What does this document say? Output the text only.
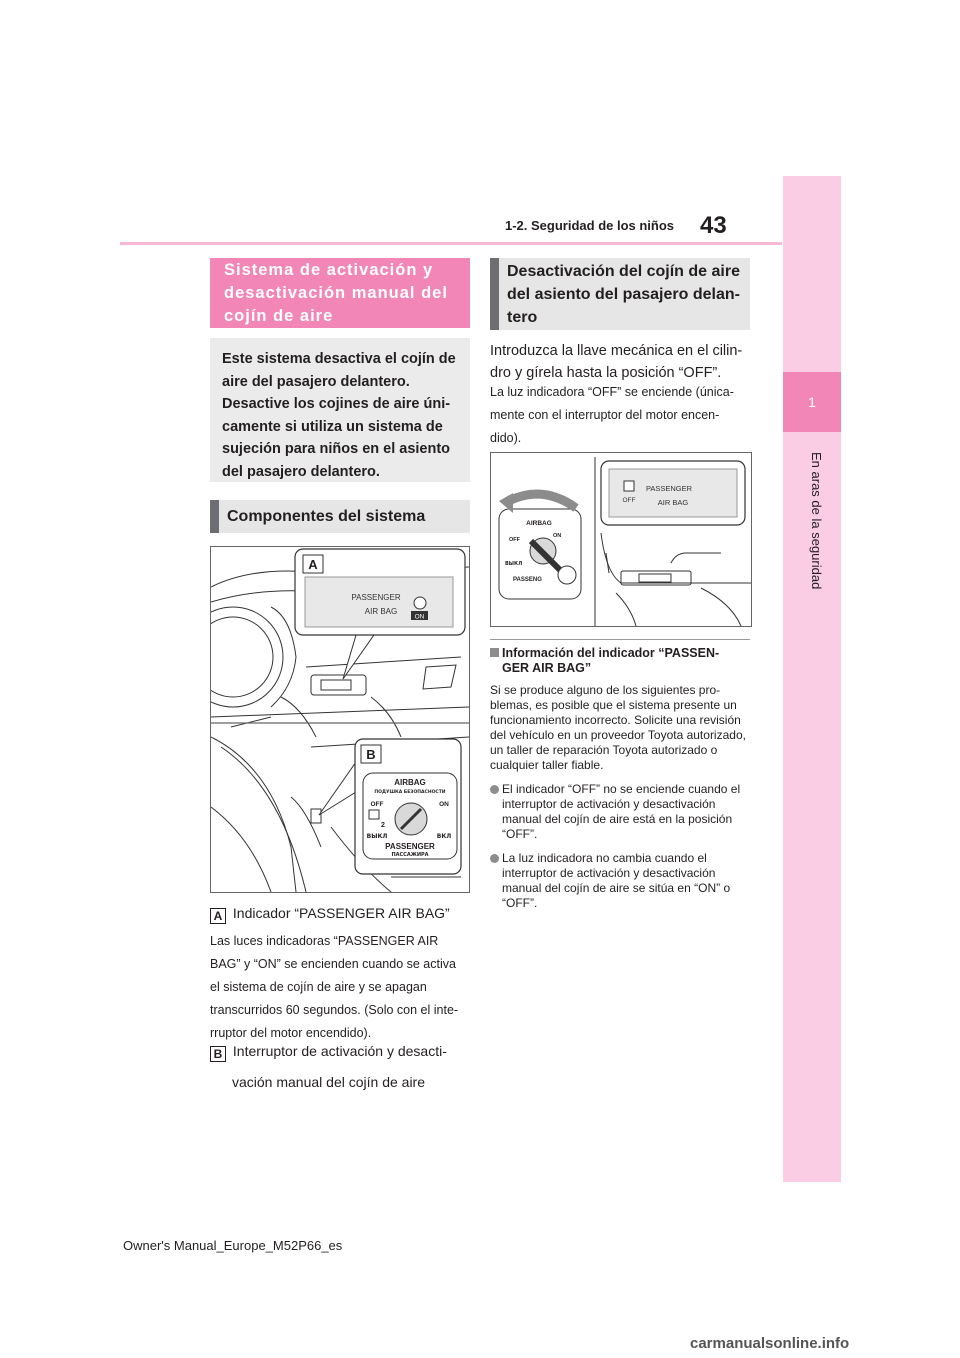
43
1-2. Seguridad de los niños
1
En aras de la seguridad
Sistema de activación y
desactivación manual del
cojín de aire
Este sistema desactiva el cojín de
aire del pasajero delantero.
Desactive los cojines de aire úni-
camente si utiliza un sistema de
sujeción para niños en el asiento
del pasajero delantero.
Componentes del sistema
A
PASSENGER
AIR BAG
ON
B
AIRBAG
ПОДУШКА БЕЗОПАСНОСТИ
OFF	ON
2
ВЫКЛ	ВКЛ
PASSENGER
ПАССАЖИРА
A Indicador “PASSENGER AIR BAG”
Las luces indicadoras “PASSENGER AIR
BAG” y “ON” se encienden cuando se activa
el sistema de cojín de aire y se apagan
transcurridos 60 segundos. (Solo con el inte-
rruptor del motor encendido).
B Interruptor de activación y desacti-
vación manual del cojín de aire
Desactivación del cojín de aire
del asiento del pasajero delan-
tero
Introduzca la llave mecánica en el cilin-
dro y gírela hasta la posición “OFF”.
La luz indicadora “OFF” se enciende (única-
mente con el interruptor del motor encen-
dido).
OFF
PASSENGER
AIR BAG
AIRBAG
OFF
ON
ВЫКЛ
PASSENG
Información del indicador “PASSEN-
GER AIR BAG”
Si se produce alguno de los siguientes pro-blemas, es posible que el sistema presente un funcionamiento incorrecto. Solicite una revisión del vehículo en un proveedor Toyota autorizado, un taller de reparación Toyota autorizado o cualquier taller fiable.
El indicador “OFF” no se enciende cuando el interruptor de activación y desactivación manual del cojín de aire está en la posición “OFF”.
La luz indicadora no cambia cuando el interruptor de activación y desactivación manual del cojín de aire se sitúa en “ON” o “OFF”.
Owner's Manual_Europe_M52P66_es
carmanualsonline.info
